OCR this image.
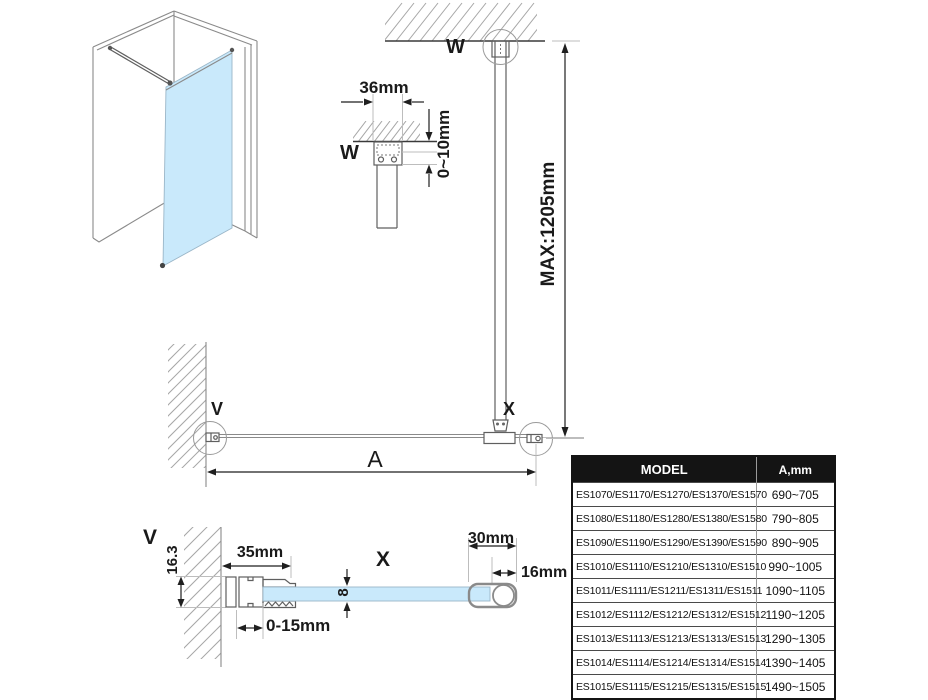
36mm
0~10mm
W
W
MAX:1205mm
V	X
A
V
16.3	35mm
0-15mm
8
X
30mm
16mm
MODEL	A,mm
ES1070/ES1170/ES1270/ES1370/ES1570	690~705
ES1080/ES1180/ES1280/ES1380/ES1580	790~805
ES1090/ES1190/ES1290/ES1390/ES1590	890~905
ES1010/ES1110/ES1210/ES1310/ES1510	990~1005
ES1011/ES1111/ES1211/ES1311/ES1511	1090~1105
ES1012/ES1112/ES1212/ES1312/ES1512	1190~1205
ES1013/ES1113/ES1213/ES1313/ES1513	1290~1305
ES1014/ES1114/ES1214/ES1314/ES1514	1390~1405
ES1015/ES1115/ES1215/ES1315/ES1515	1490~1505
